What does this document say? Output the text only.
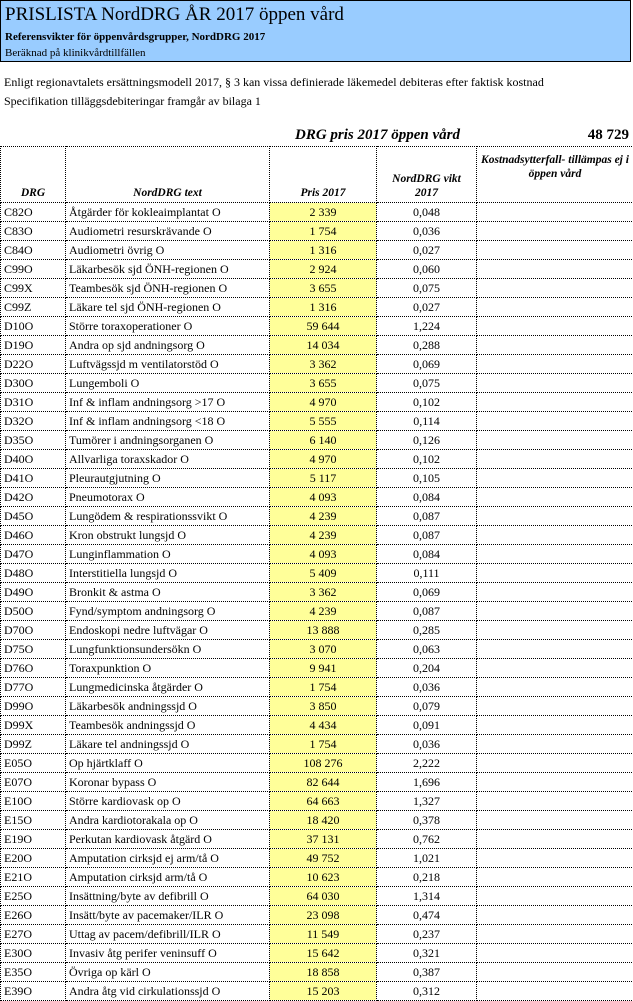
PRISLISTA NordDRG ÅR 2017 öppen vård
Referensvikter för öppenvårdsgrupper, NordDRG 2017
Beräknad på klinikvårdtillfällen
Enligt regionavtalets ersättningsmodell 2017, § 3 kan vissa definierade läkemedel debiteras efter faktisk kostnad
Specifikation tilläggsdebiteringar framgår av bilaga 1
DRG pris 2017 öppen vård	48 729
DRG	NordDRG text	Pris 2017	NordDRG vikt 2017	Kostnadsytterfall- tillämpas ej i öppen vård
C82O	Åtgärder för kokleaimplantat O	2 339	0,048	
C83O	Audiometri resurskrävande O	1 754	0,036	
C84O	Audiometri övrig O	1 316	0,027	
C99O	Läkarbesök sjd ÖNH-regionen O	2 924	0,060	
C99X	Teambesök sjd ÖNH-regionen O	3 655	0,075	
C99Z	Läkare tel sjd ÖNH-regionen O	1 316	0,027	
D10O	Större toraxoperationer O	59 644	1,224	
D19O	Andra op sjd andningsorg O	14 034	0,288	
D22O	Luftvägssjd m ventilatorstöd O	3 362	0,069	
D30O	Lungemboli O	3 655	0,075	
D31O	Inf & inflam andningsorg >17 O	4 970	0,102	
D32O	Inf & inflam andningsorg <18 O	5 555	0,114	
D35O	Tumörer i andningsorganen O	6 140	0,126	
D40O	Allvarliga toraxskador O	4 970	0,102	
D41O	Pleurautgjutning O	5 117	0,105	
D42O	Pneumotorax O	4 093	0,084	
D45O	Lungödem & respirationssvikt O	4 239	0,087	
D46O	Kron obstrukt lungsjd O	4 239	0,087	
D47O	Lunginflammation O	4 093	0,084	
D48O	Interstitiella lungsjd O	5 409	0,111	
D49O	Bronkit & astma O	3 362	0,069	
D50O	Fynd/symptom andningsorg O	4 239	0,087	
D70O	Endoskopi nedre luftvägar O	13 888	0,285	
D75O	Lungfunktionsundersökn O	3 070	0,063	
D76O	Toraxpunktion O	9 941	0,204	
D77O	Lungmedicinska åtgärder O	1 754	0,036	
D99O	Läkarbesök andningssjd O	3 850	0,079	
D99X	Teambesök andningssjd O	4 434	0,091	
D99Z	Läkare tel andningssjd O	1 754	0,036	
E05O	Op hjärtklaff O	108 276	2,222	
E07O	Koronar bypass O	82 644	1,696	
E10O	Större kardiovask op O	64 663	1,327	
E15O	Andra kardiotorakala op O	18 420	0,378	
E19O	Perkutan kardiovask åtgärd O	37 131	0,762	
E20O	Amputation cirksjd ej arm/tå O	49 752	1,021	
E21O	Amputation cirksjd arm/tå O	10 623	0,218	
E25O	Insättning/byte av defibrill O	64 030	1,314	
E26O	Insätt/byte av pacemaker/ILR O	23 098	0,474	
E27O	Uttag av pacem/defibrill/ILR O	11 549	0,237	
E30O	Invasiv åtg perifer veninsuff O	15 642	0,321	
E35O	Övriga op kärl O	18 858	0,387	
E39O	Andra åtg vid cirkulationssjd O	15 203	0,312	
